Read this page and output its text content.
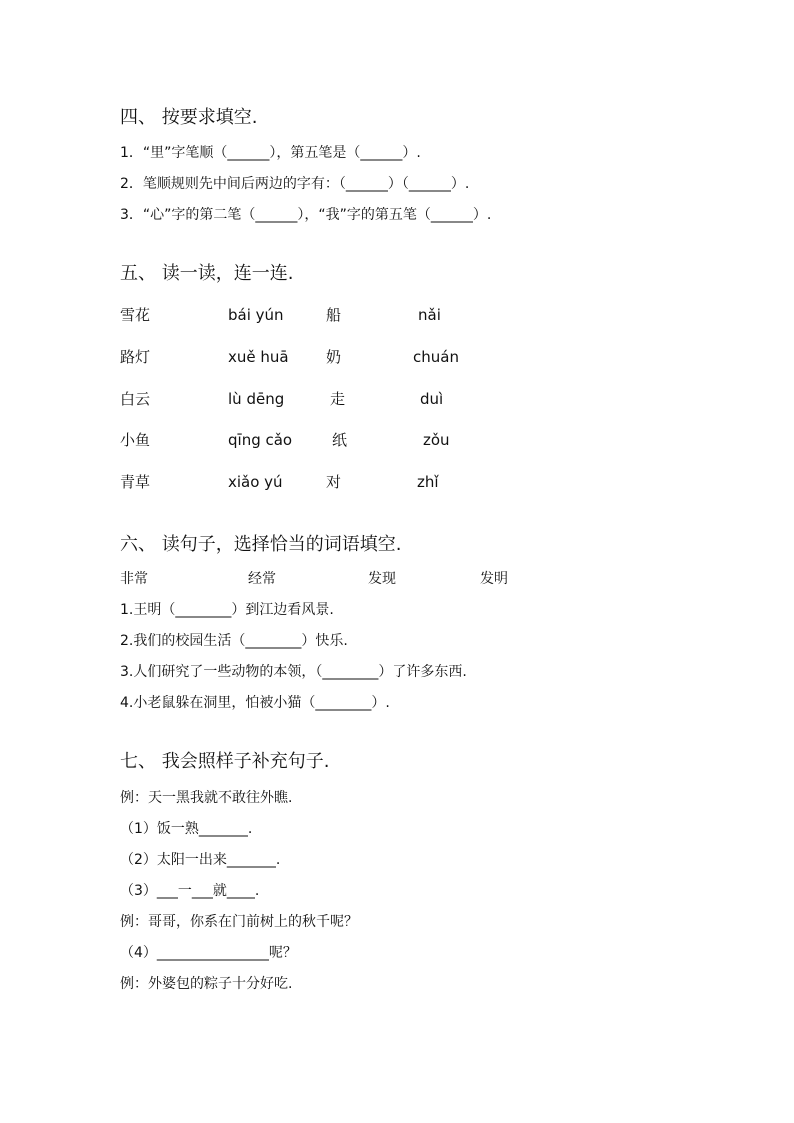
四、 按要求填空.
1．“里”字笔顺（______），第五笔是（______）.
2．笔顺规则先中间后两边的字有：（______）（______）.
3．“心”字的第二笔（______），“我”字的第五笔（______）.
五、 读一读，连一连.
雪花	bái yún	船	nǎi
路灯	xuě huā 奶	chuán
白云	lù dēng	走	duì
小鱼	qīng cǎo	纸	zǒu
青草	xiǎo yú	对	zhǐ
六、 读句子，选择恰当的词语填空.
非常	经常	发现	发明
1.王明（________）到江边看风景.
2.我们的校园生活（________）快乐.
3.人们研究了一些动物的本领，（________）了许多东西.
4.小老鼠躲在洞里，怕被小猫（________）.
七、 我会照样子补充句子.
例：天一黑我就不敢往外瞧.
（1）饭一熟_______.
（2）太阳一出来_______.
（3）___一___就____.
例：哥哥，你系在门前树上的秋千呢？
（4）________________呢？
例：外婆包的粽子十分好吃.
